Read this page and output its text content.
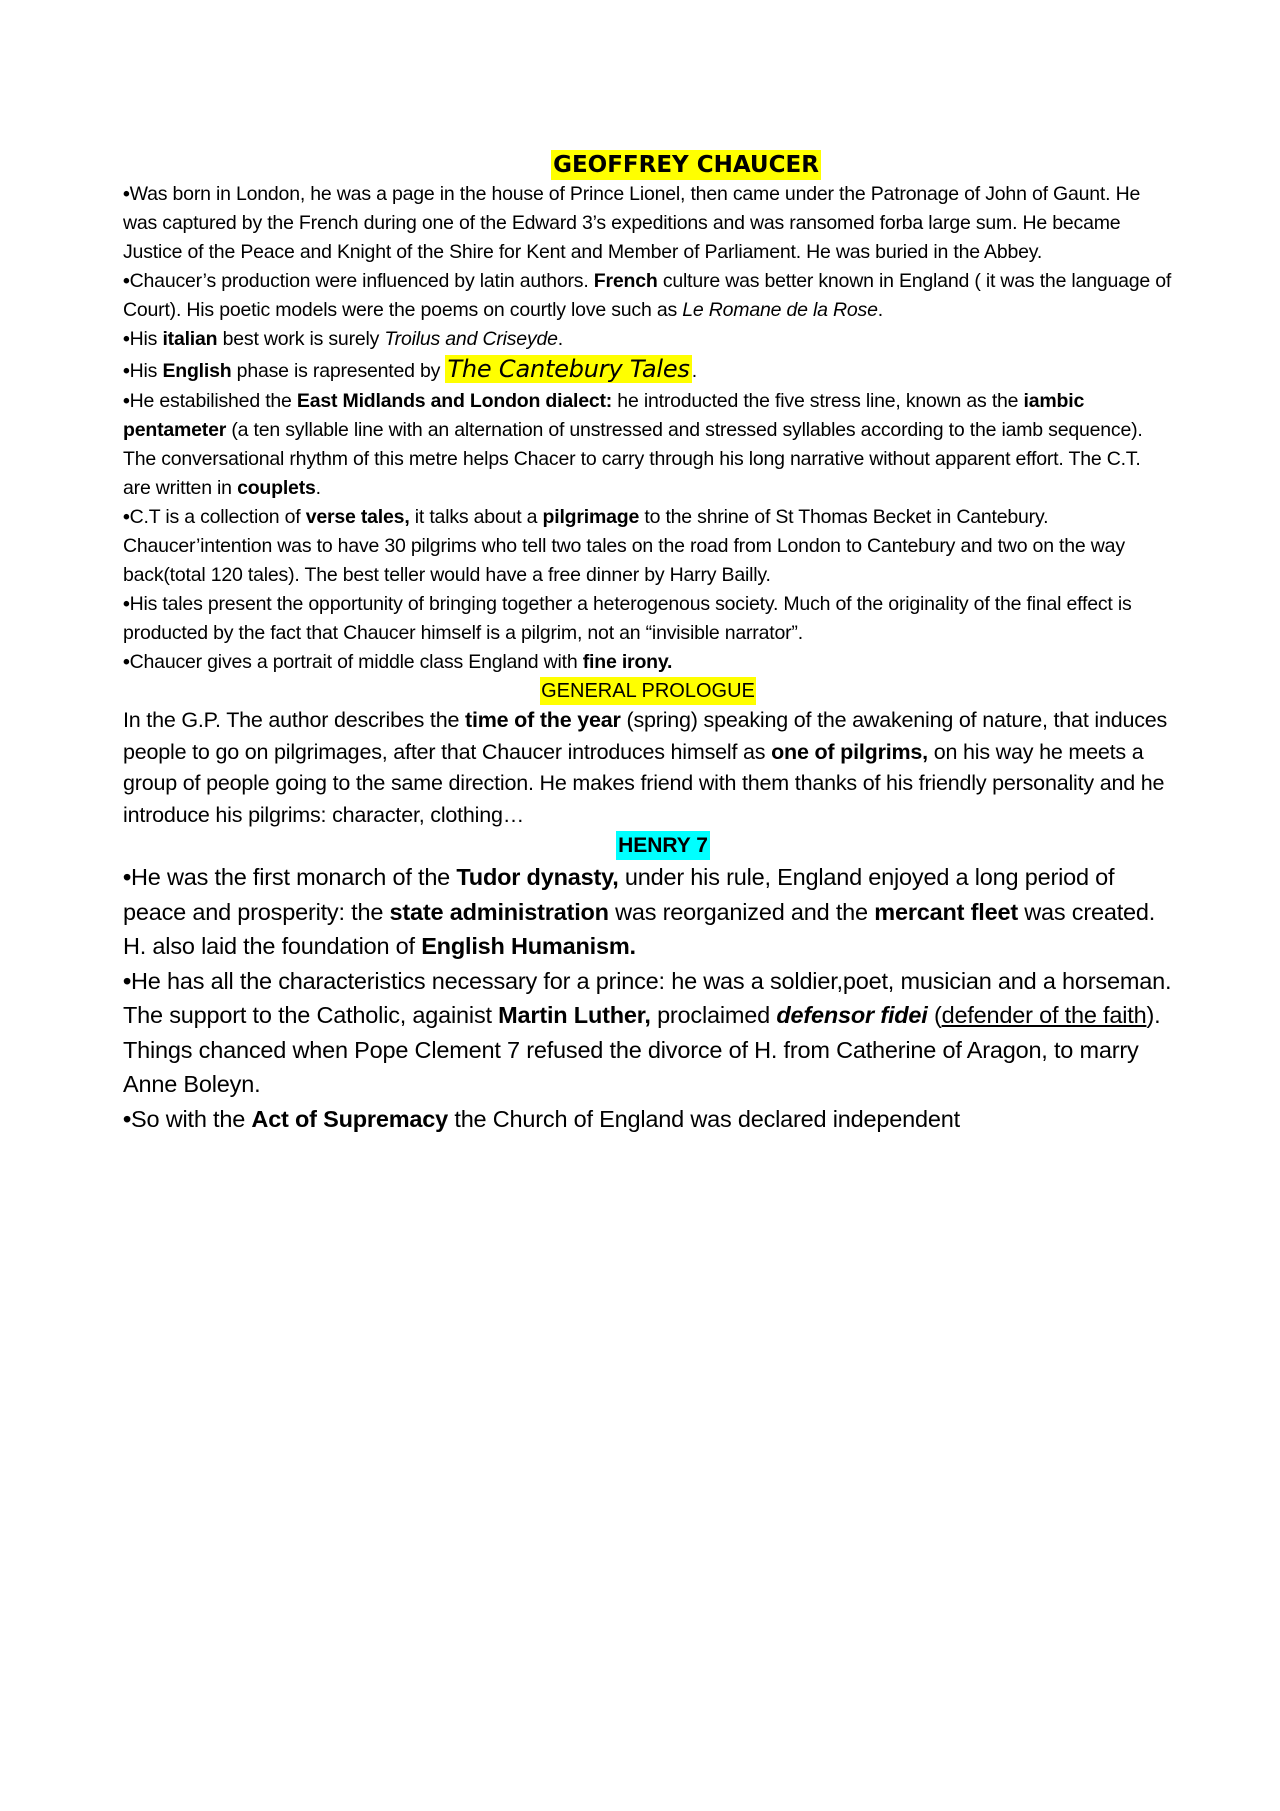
GEOFFREY CHAUCER

•Was born in London, he was a page in the house of Prince Lionel, then came under the Patronage of John of Gaunt. He was captured by the French during one of the Edward 3’s expeditions and was ransomed forba large sum. He became Justice of the Peace and Knight of the Shire for Kent and Member of Parliament. He was buried in the Abbey.

•Chaucer’s production were influenced by latin authors. French culture was better known in England ( it was the language of Court). His poetic models were the poems on courtly love such as Le Romane de la Rose.

•His italian best work is surely Troilus and Criseyde.

•His English phase is rapresented by The Cantebury Tales .

•He estabilished the East Midlands and London dialect: he introducted the five stress line, known as the iambic pentameter (a ten syllable line with an alternation of unstressed and stressed syllables according to the iamb sequence). The conversational rhythm of this metre helps Chacer to carry through his long narrative without apparent effort. The C.T. are written in couplets.

•C.T is a collection of verse tales, it talks about a pilgrimage to the shrine of St Thomas Becket in Cantebury. Chaucer’intention was to have 30 pilgrims who tell two tales on the road from London to Cantebury and two on the way back(total 120 tales). The best teller would have a free dinner by Harry Bailly.

•His tales present the opportunity of bringing together a heterogenous society. Much of the originality of the final effect is producted by the fact that Chaucer himself is a pilgrim, not an “invisible narrator”.

•Chaucer gives a portrait of middle class England with fine irony.

GENERAL PROLOGUE

In the G.P. The author describes the time of the year (spring) speaking of the awakening of nature, that induces people to go on pilgrimages, after that Chaucer introduces himself as one of pilgrims, on his way he meets a group of people going to the same direction. He makes friend with them thanks of his friendly personality and he introduce his pilgrims: character, clothing…

HENRY 7

•He was the first monarch of the Tudor dynasty, under his rule, England enjoyed a long period of peace and prosperity: the state administration was reorganized and the mercant fleet was created. H. also laid the foundation of English Humanism.

•He has all the characteristics necessary for a prince: he was a soldier,poet, musician and a horseman. The support to the Catholic, againist Martin Luther, proclaimed defensor fidei (defender of the faith). Things chanced when Pope Clement 7 refused the divorce of H. from Catherine of Aragon, to marry Anne Boleyn.

•So with the Act of Supremacy the Church of England was declared independent
